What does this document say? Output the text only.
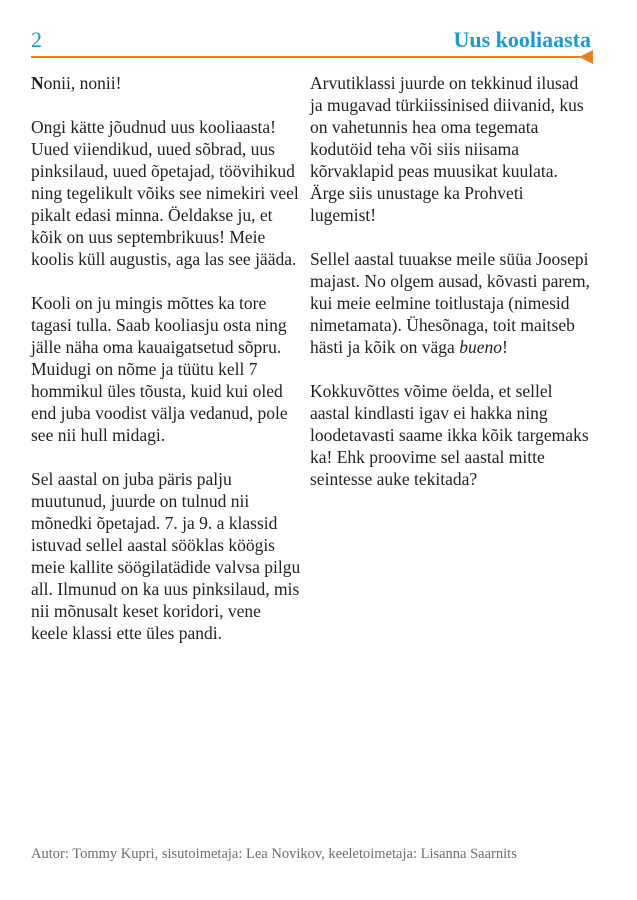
2	Uus kooliaasta

Nonii, nonii!

Ongi kätte jõudnud uus kooliaasta! Uued viiendikud, uued sõbrad, uus pinksilaud, uued õpetajad, töövihikud ning tegelikult võiks see nimekiri veel pikalt edasi minna. Öeldakse ju, et kõik on uus septembrikuus! Meie koolis küll augustis, aga las see jääda.

Kooli on ju mingis mõttes ka tore tagasi tulla. Saab kooliasju osta ning jälle näha oma kauaigatsetud sõpru. Muidugi on nõme ja tüütu kell 7 hommikul üles tõusta, kuid kui oled end juba voodist välja vedanud, pole see nii hull midagi.

Sel aastal on juba päris palju muutunud, juurde on tulnud nii mõnedki õpetajad. 7. ja 9. a klassid istuvad sellel aastal sööklas köögis meie kallite söögilatädide valvsa pilgu all. Ilmunud on ka uus pinksilaud, mis nii mõnusalt keset koridori, vene keele klassi ette üles pandi.

Arvutiklassi juurde on tekkinud ilusad ja mugavad türkiissinised diivanid, kus on vahetunnis hea oma tegemata kodutöid teha või siis niisama kõrvaklapid peas muusikat kuulata. Ärge siis unustage ka Prohveti lugemist!

Sellel aastal tuuakse meile süüa Joosepi majast. No olgem ausad, kõvasti parem, kui meie eelmine toitlustaja (nimesid nimetamata). Ühesõnaga, toit maitseb hästi ja kõik on väga bueno!

Kokkuvõttes võime öelda, et sellel aastal kindlasti igav ei hakka ning loodetavasti saame ikka kõik targemaks ka! Ehk proovime sel aastal mitte seintesse auke tekitada?

Autor: Tommy Kupri, sisutoimetaja: Lea Novikov, keeletoimetaja: Lisanna Saarnits
